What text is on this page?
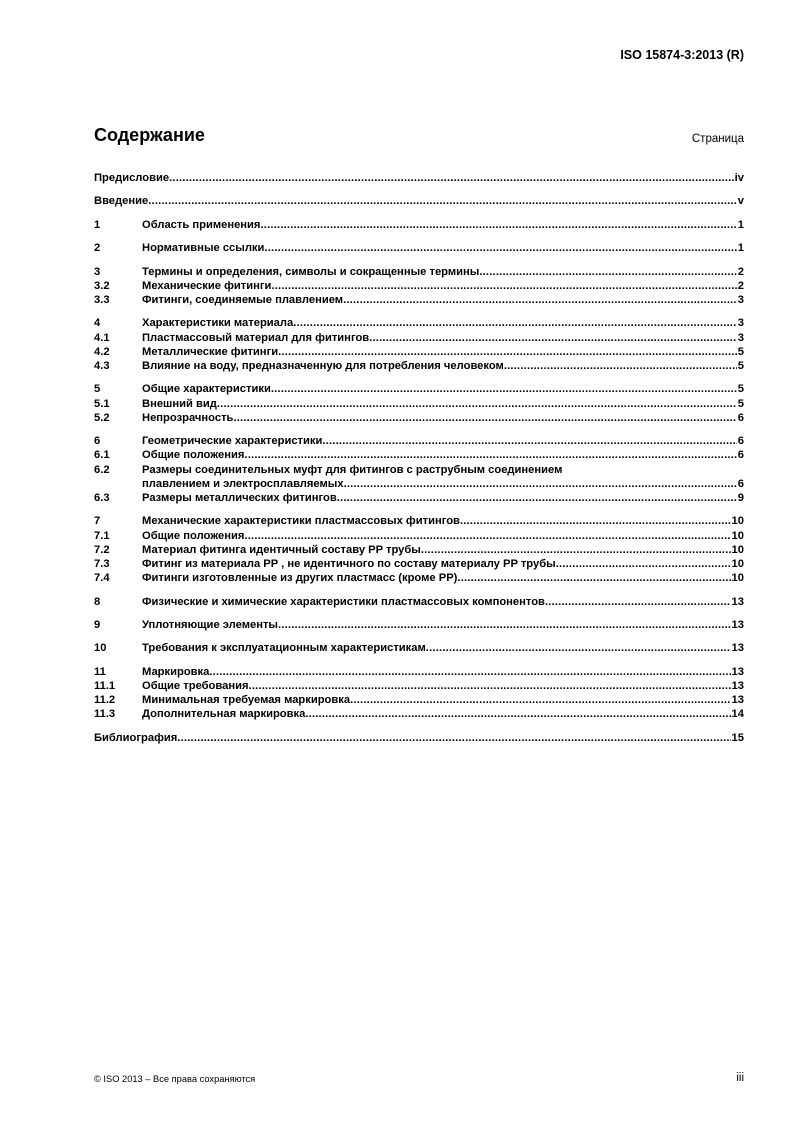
ISO 15874-3:2013 (R)
Содержание	Страница
Предисловие .....	iv
Введение .....	v
1	Область применения .....	1
2	Нормативные ссылки .....	1
3	Термины и определения, символы и сокращенные термины .....	2
3.2	Механические фитинги .....	2
3.3	Фитинги, соединяемые плавлением .....	3
4	Характеристики материала .....	3
4.1	Пластмассовый материал для фитингов .....	3
4.2	Металлические фитинги .....	5
4.3	Влияние на воду, предназначенную для потребления человеком .....	5
5	Общие характеристики .....	5
5.1	Внешний вид .....	5
5.2	Непрозрачность .....	6
6	Геометрические характеристики .....	6
6.1	Общие положения .....	6
6.2	Размеры соединительных муфт для фитингов с раструбным соединением
плавлением и электросплавляемых .....	6
6.3	Размеры металлических фитингов .....	9
7	Механические характеристики пластмассовых фитингов .....	10
7.1	Общие положения .....	10
7.2	Материал фитинга идентичный составу PP трубы .....	10
7.3	Фитинг из материала PP , не идентичного по составу материалу PP трубы .....	10
7.4	Фитинги изготовленные из других пластмасс (кроме PP) .....	10
8	Физические и химические характеристики пластмассовых компонентов .....	13
9	Уплотняющие элементы .....	13
10	Требования к эксплуатационным характеристикам .....	13
11	Маркировка .....	13
11.1 Общие требования .....	13
11.2 Минимальная требуемая маркировка .....	13
11.3 Дополнительная маркировка .....	14
Библиография .....	15
© ISO 2013 – Все права сохраняются	iii
